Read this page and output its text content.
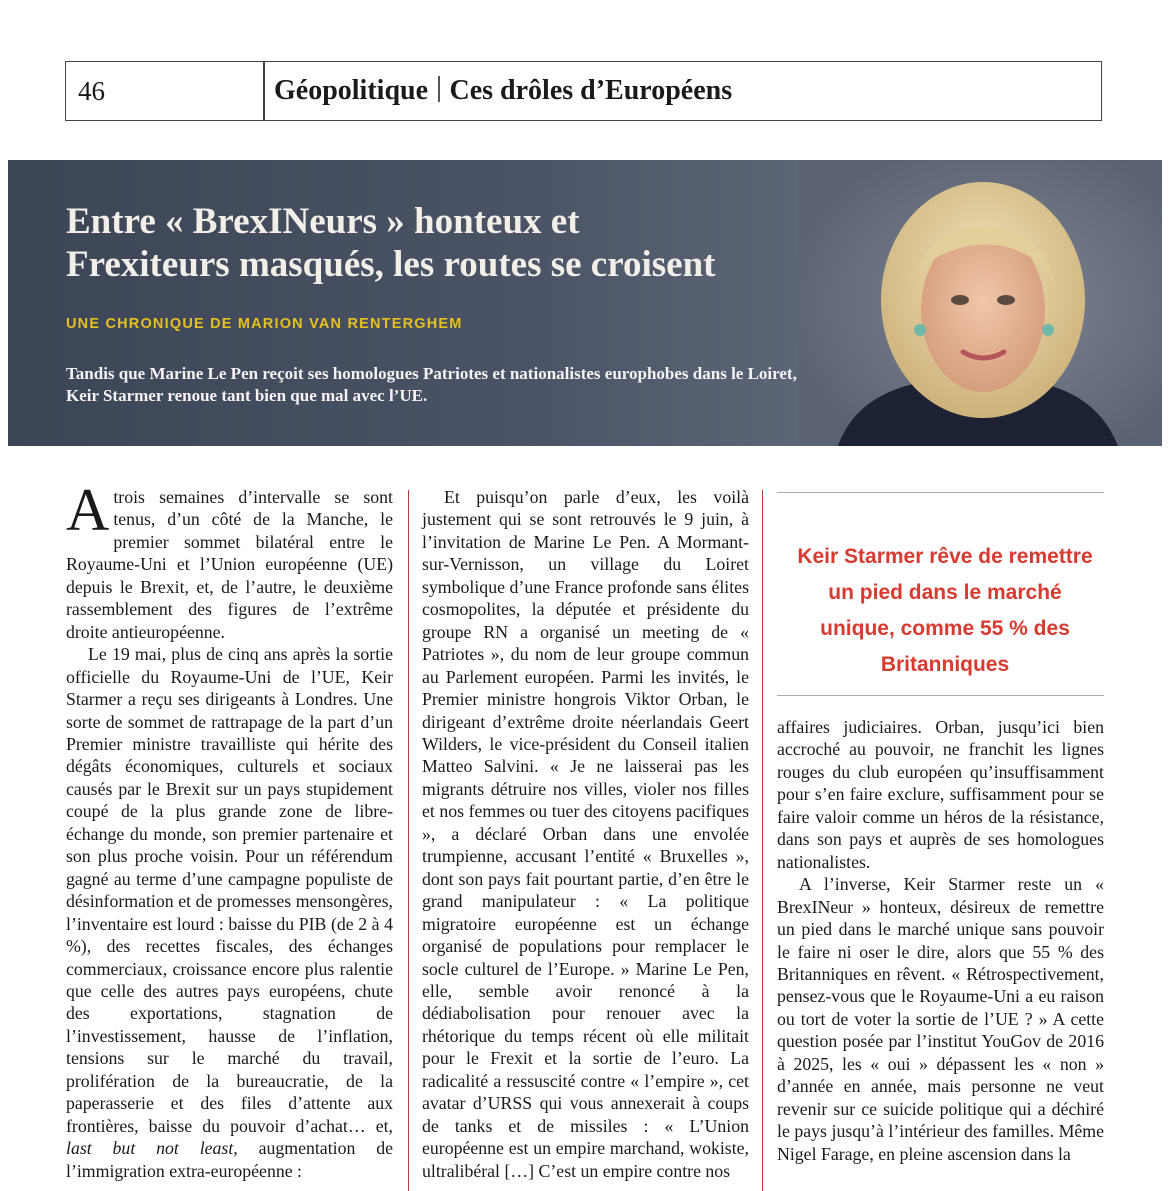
46	Géopolitique Ces drôles d’Européens
Entre « BrexINeurs » honteux et
Frexiteurs masqués, les routes se croisent
UNE CHRONIQUE DE MARION VAN RENTERGHEM
Tandis que Marine Le Pen reçoit ses homologues Patriotes et nationalistes europhobes dans le Loiret, Keir Starmer renoue tant bien que mal avec l’UE.

Atrois semaines d’intervalle se sont tenus, d’un côté de la Manche, le premier sommet bilatéral entre le Royaume-Uni et l’Union européenne (UE) depuis le Brexit, et, de l’autre, le deuxième rassemblement des figures de l’extrême droite antieuropéenne.

Le 19 mai, plus de cinq ans après la sortie officielle du Royaume-Uni de l’UE, Keir Starmer a reçu ses dirigeants à Londres. Une sorte de sommet de rattrapage de la part d’un Premier ministre travailliste qui hérite des dégâts économiques, culturels et sociaux causés par le Brexit sur un pays stupidement coupé de la plus grande zone de libre-échange du monde, son premier partenaire et son plus proche voisin. Pour un référendum gagné au terme d’une campagne populiste de désinformation et de promesses mensongères, l’inventaire est lourd : baisse du PIB (de 2 à 4 %), des recettes fiscales, des échanges commerciaux, croissance encore plus ralentie que celle des autres pays européens, chute des exportations, stagnation de l’investissement, hausse de l’inflation, tensions sur le marché du travail, prolifération de la bureaucratie, de la paperasserie et des files d’attente aux frontières, baisse du pouvoir d’achat… et, last but not least, augmentation de l’immigration extra-européenne :

Et puisqu’on parle d’eux, les voilà justement qui se sont retrouvés le 9 juin, à l’invitation de Marine Le Pen. A Mormant-sur-Vernisson, un village du Loiret symbolique d’une France profonde sans élites cosmopolites, la députée et présidente du groupe RN a organisé un meeting de « Patriotes », du nom de leur groupe commun au Parlement européen. Parmi les invités, le Premier ministre hongrois Viktor Orban, le dirigeant d’extrême droite néerlandais Geert Wilders, le vice-président du Conseil italien Matteo Salvini. « Je ne laisserai pas les migrants détruire nos villes, violer nos filles et nos femmes ou tuer des citoyens pacifiques », a déclaré Orban dans une envolée trumpienne, accusant l’entité « Bruxelles », dont son pays fait pourtant partie, d’en être le grand manipulateur : « La politique migratoire européenne est un échange organisé de populations pour remplacer le socle culturel de l’Europe. » Marine Le Pen, elle, semble avoir renoncé à la dédiabolisation pour renouer avec la rhétorique du temps récent où elle militait pour le Frexit et la sortie de l’euro. La radicalité a ressuscité contre « l’empire », cet avatar d’URSS qui vous annexerait à coups de tanks et de missiles : « L’Union européenne est un empire marchand, wokiste, ultralibéral […] C’est un empire contre nos

Keir Starmer rêve de remettre un pied dans le marché unique, comme 55 % des Britanniques

affaires judiciaires. Orban, jusqu’ici bien accroché au pouvoir, ne franchit les lignes rouges du club européen qu’insuffisamment pour s’en faire exclure, suffisamment pour se faire valoir comme un héros de la résistance, dans son pays et auprès de ses homologues nationalistes.

A l’inverse, Keir Starmer reste un « BrexINeur » honteux, désireux de remettre un pied dans le marché unique sans pouvoir le faire ni oser le dire, alors que 55 % des Britanniques en rêvent. « Rétrospectivement, pensez-vous que le Royaume-Uni a eu raison ou tort de voter la sortie de l’UE ? » A cette question posée par l’institut YouGov de 2016 à 2025, les « oui » dépassent les « non » d’année en année, mais personne ne veut revenir sur ce suicide politique qui a déchiré le pays jusqu’à l’intérieur des familles. Même Nigel Farage, en pleine ascension dans la
